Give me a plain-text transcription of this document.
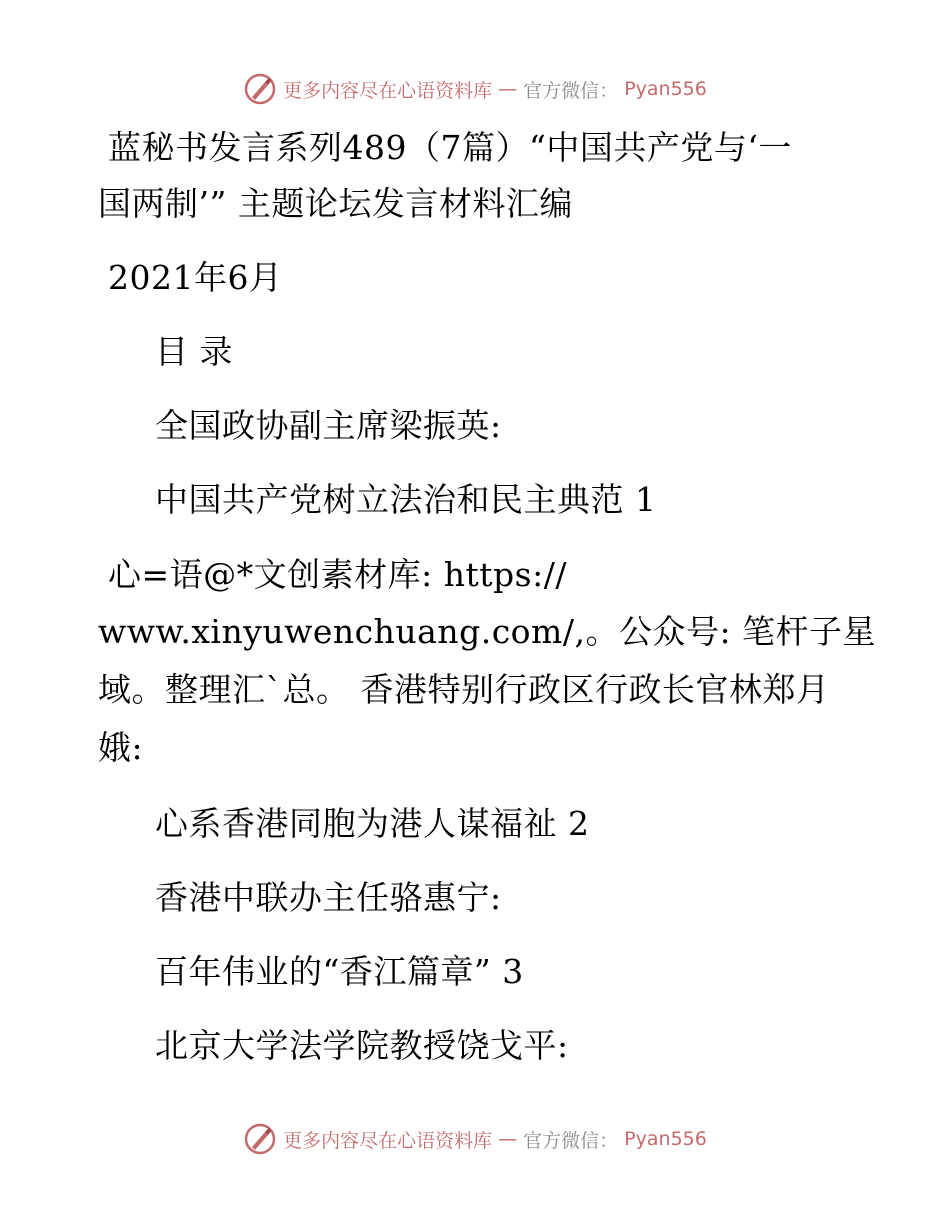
更多内容尽在心语资料库 — 官方微信： Pyan556
蓝秘书发言系列489（7篇）“中国共产党与‘一
国两制’” 主题论坛发言材料汇编
2021年6月
目 录
全国政协副主席梁振英:
中国共产党树立法治和民主典范 1
心=语@*文创素材库: https://
www.xinyuwenchuang.com/,。公众号: 笔杆子星
域。整理汇`总。 香港特别行政区行政长官林郑月
娥:
心系香港同胞为港人谋福祉 2
香港中联办主任骆惠宁:
百年伟业的“香江篇章” 3
北京大学法学院教授饶戈平:
更多内容尽在心语资料库 — 官方微信： Pyan556
